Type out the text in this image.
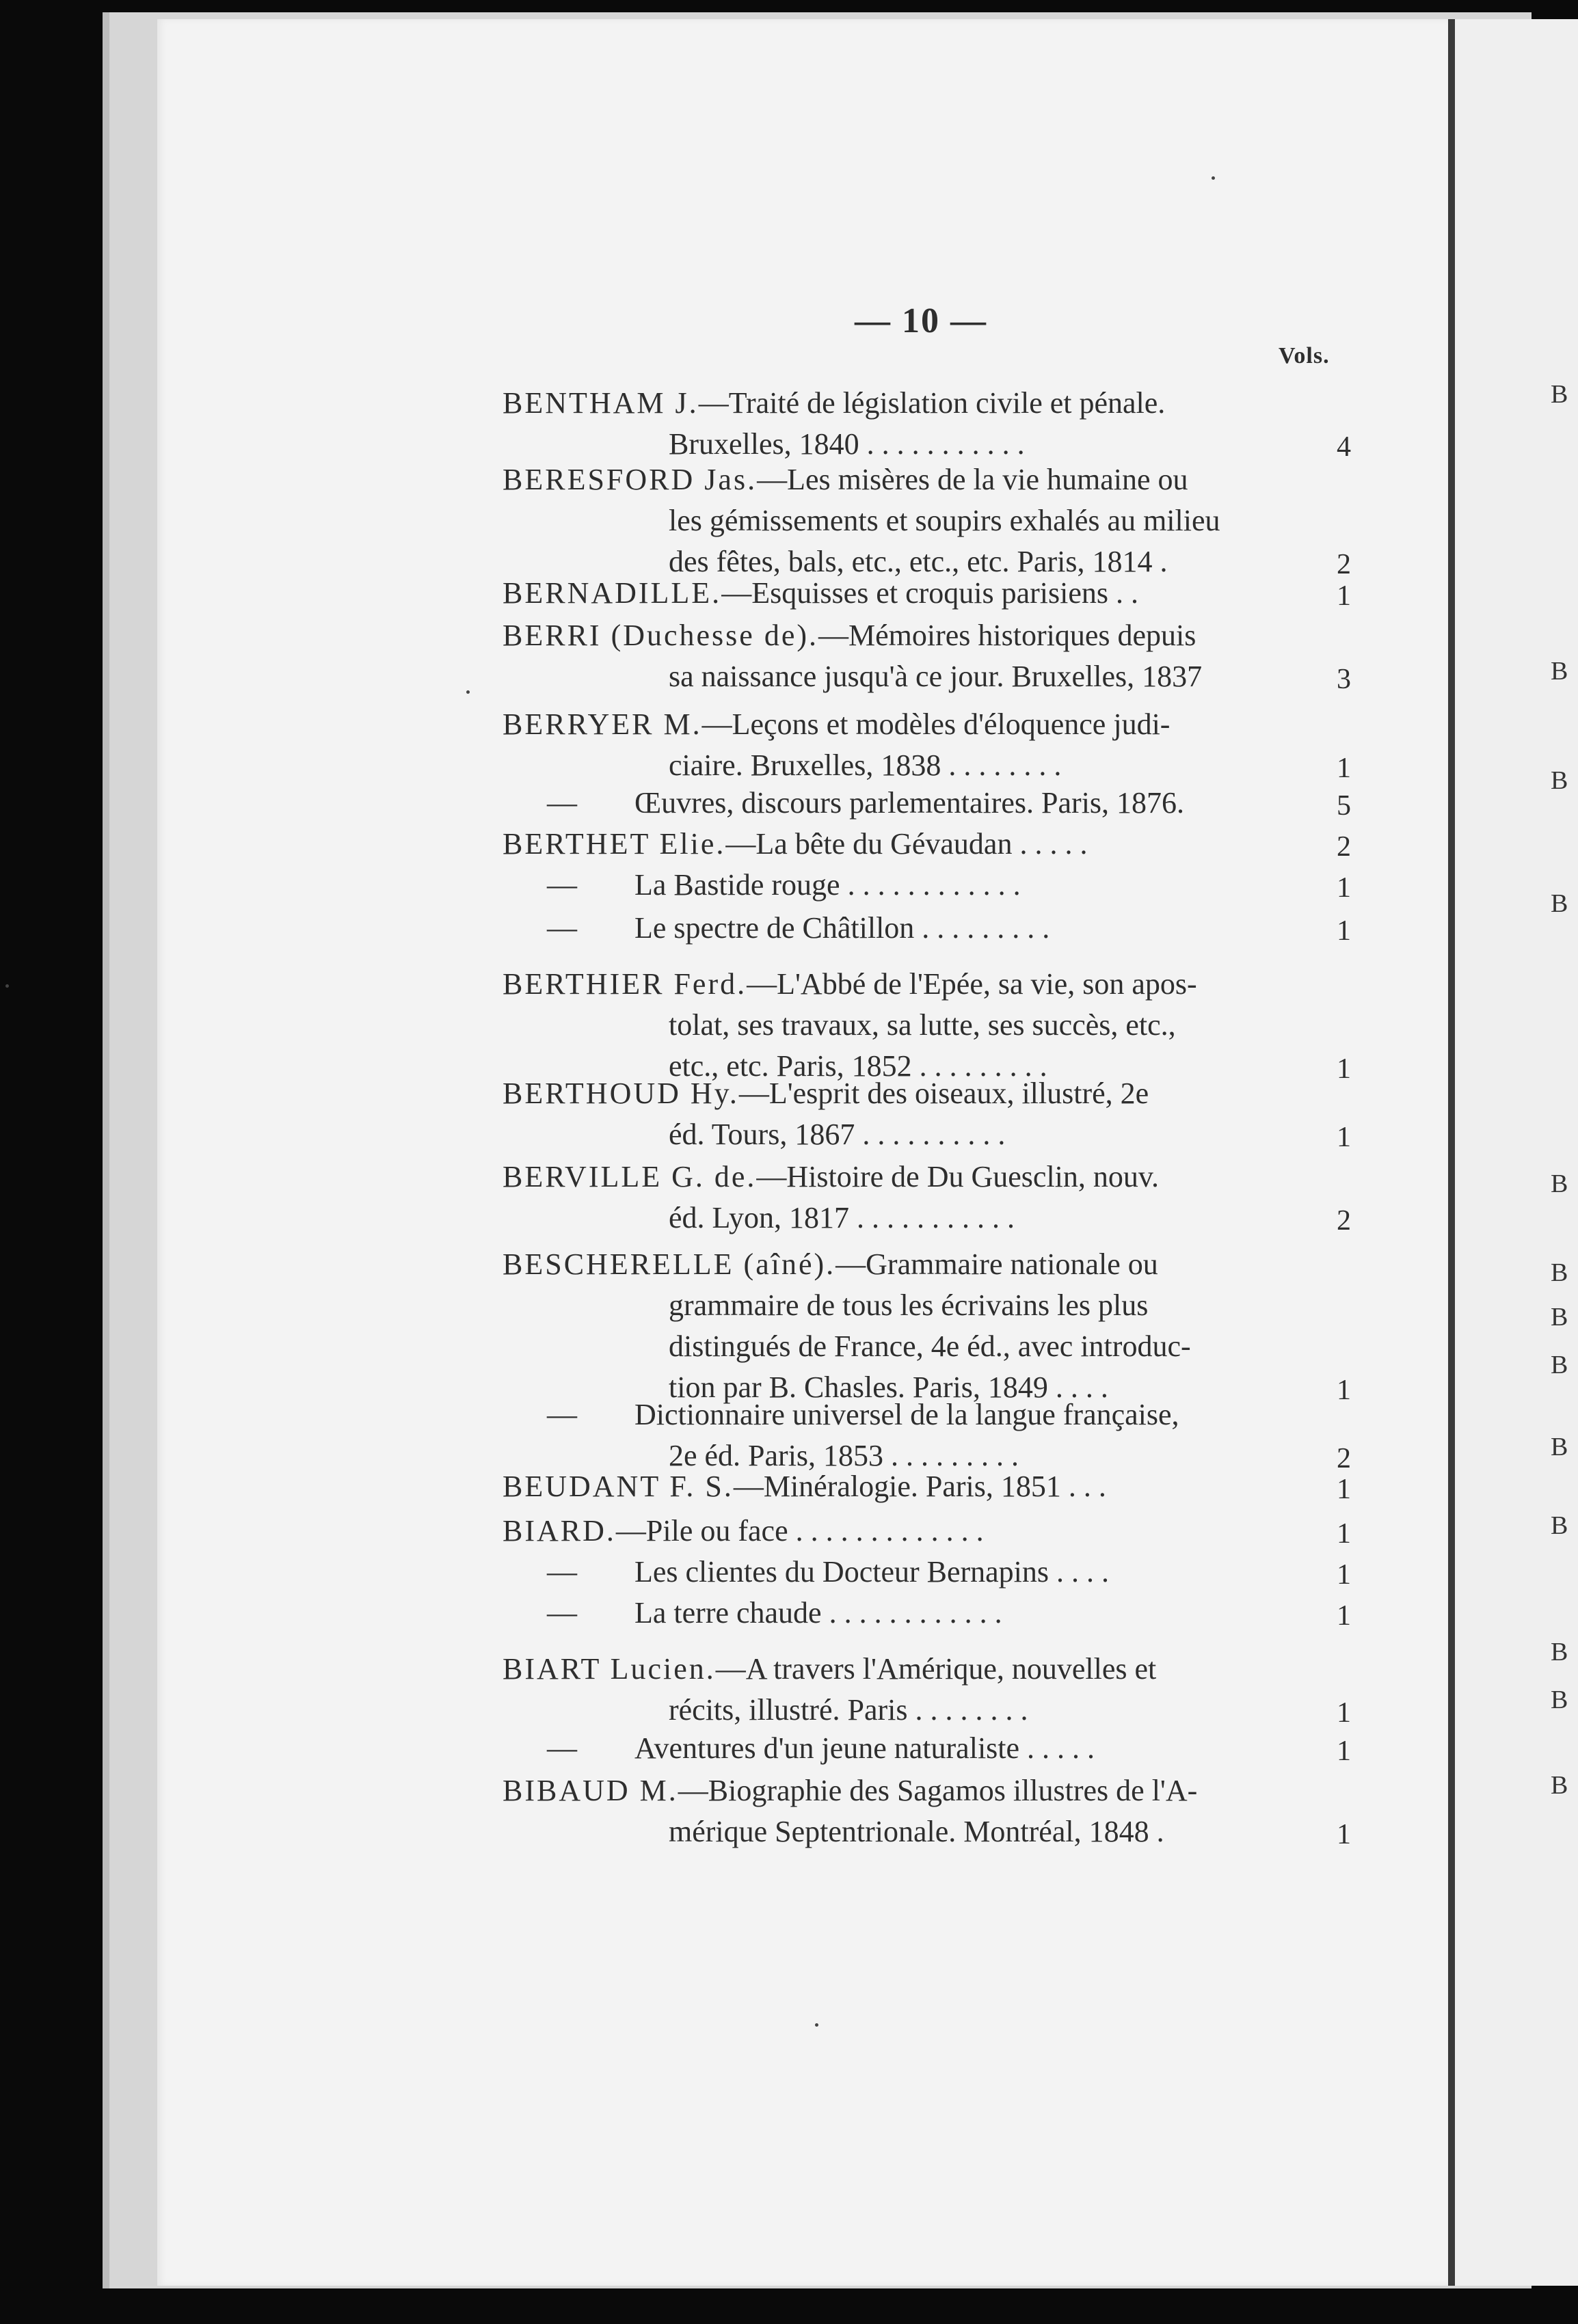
— 10 —
Vols.
BENTHAM J.—Traité de législation civile et pénale.
Bruxelles, 1840 . . . . . . . . . . .	4
BERESFORD Jas.—Les misères de la vie humaine ou
les gémissements et soupirs exhalés au milieu
des fêtes, bals, etc., etc., etc. Paris, 1814 .	2
BERNADILLE.—Esquisses et croquis parisiens . .	1
BERRI (Duchesse de).—Mémoires historiques depuis
sa naissance jusqu'à ce jour. Bruxelles, 1837	3
BERRYER M.—Leçons et modèles d'éloquence judi-
ciaire. Bruxelles, 1838 . . . . . . . .	1
— Œuvres, discours parlementaires. Paris, 1876.	5
BERTHET Elie.—La bête du Gévaudan . . . . .	2
— La Bastide rouge . . . . . . . . . . . .	1
— Le spectre de Châtillon . . . . . . . . .	1
BERTHIER Ferd.—L'Abbé de l'Epée, sa vie, son apos-
tolat, ses travaux, sa lutte, ses succès, etc.,
etc., etc. Paris, 1852 . . . . . . . . .	1
BERTHOUD Hy.—L'esprit des oiseaux, illustré, 2e
éd. Tours, 1867 . . . . . . . . . .	1
BERVILLE G. de.—Histoire de Du Guesclin, nouv.
éd. Lyon, 1817 . . . . . . . . . . .	2
BESCHERELLE (aîné).—Grammaire nationale ou
grammaire de tous les écrivains les plus
distingués de France, 4e éd., avec introduc-
tion par B. Chasles. Paris, 1849 . . . .	1
— Dictionnaire universel de la langue française,
2e éd. Paris, 1853 . . . . . . . . .	2
BEUDANT F. S.—Minéralogie. Paris, 1851 . . .	1
BIARD.—Pile ou face . . . . . . . . . . . . .	1
— Les clientes du Docteur Bernapins . . . .	1
— La terre chaude . . . . . . . . . . . .	1
BIART Lucien.—A travers l'Amérique, nouvelles et
récits, illustré. Paris . . . . . . . .	1
— Aventures d'un jeune naturaliste . . . . .	1
BIBAUD M.—Biographie des Sagamos illustres de l'A-
mérique Septentrionale. Montréal, 1848 .	1
B
B
B
B
B
B
B
B
B
B
B
B
B
